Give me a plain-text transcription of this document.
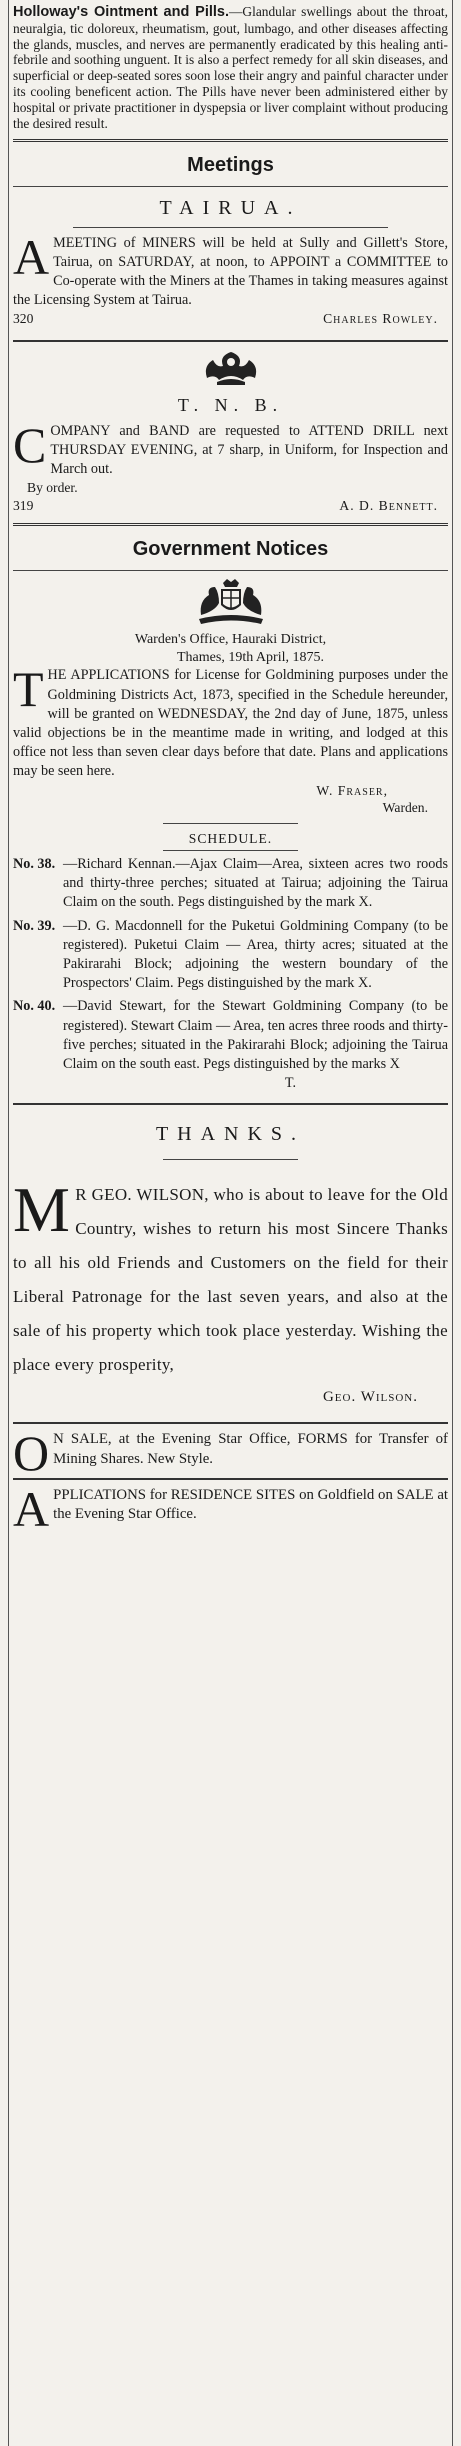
Holloway's Ointment and Pills.—Glandular swellings about the throat, neuralgia, tic doloreux, rheumatism, gout, lumbago, and other diseases affecting the glands, muscles, and nerves are permanently eradicated by this healing anti-febrile and soothing unguent. It is also a perfect remedy for all skin diseases, and superficial or deep-seated sores soon lose their angry and painful character under its cooling beneficent action. The Pills have never been administered either by hospital or private practitioner in dyspepsia or liver complaint without producing the desired result.

Meetings
TAIRUA.

AMEETING of MINERS will be held at Sully and Gillett's Store, Tairua, on SATURDAY, at noon, to APPOINT a COMMITTEE to Co-operate with the Miners at the Thames in taking measures against the Licensing System at Tairua.

320	Charles Rowley.
T. N. B.

COMPANY and BAND are requested to ATTEND DRILL next THURSDAY EVENING, at 7 sharp, in Uniform, for Inspection and March out.

By order.
319	A. D. Bennett.
Government Notices
Warden's Office, Hauraki District,
Thames, 19th April, 1875.

THE APPLICATIONS for License for Goldmining purposes under the Goldmining Districts Act, 1873, specified in the Schedule hereunder, will be granted on WEDNESDAY, the 2nd day of June, 1875, unless valid objections be in the meantime made in writing, and lodged at this office not less than seven clear days before that date. Plans and applications may be seen here.

W. Fraser,
Warden.
SCHEDULE.
No. 38. —Richard Kennan.—Ajax Claim—Area, sixteen acres two roods and thirty-three perches; situated at Tairua; adjoining the Tairua Claim on the south. Pegs distinguished by the mark X.
No. 39. —D. G. Macdonnell for the Puketui Goldmining Company (to be registered). Puketui Claim — Area, thirty acres; situated at the Pakirarahi Block; adjoining the western boundary of the Prospectors' Claim. Pegs distinguished by the mark X.
No. 40. —David Stewart, for the Stewart Goldmining Company (to be registered). Stewart Claim — Area, ten acres three roods and thirty-five perches; situated in the Pakirarahi Block; adjoining the Tairua Claim on the south east. Pegs distinguished by the marks X
T.
THANKS.

M R GEO. WILSON, who is about to leave for the Old Country, wishes to return his most Sincere Thanks to all his old Friends and Customers on the field for their Liberal Patronage for the last seven years, and also at the sale of his property which took place yesterday. Wishing the place every prosperity,

Geo. Wilson.

O N SALE, at the Evening Star Office, FORMS for Transfer of Mining Shares. New Style.

APPLICATIONS for RESIDENCE SITES on Goldfield on SALE at the Evening Star Office.
